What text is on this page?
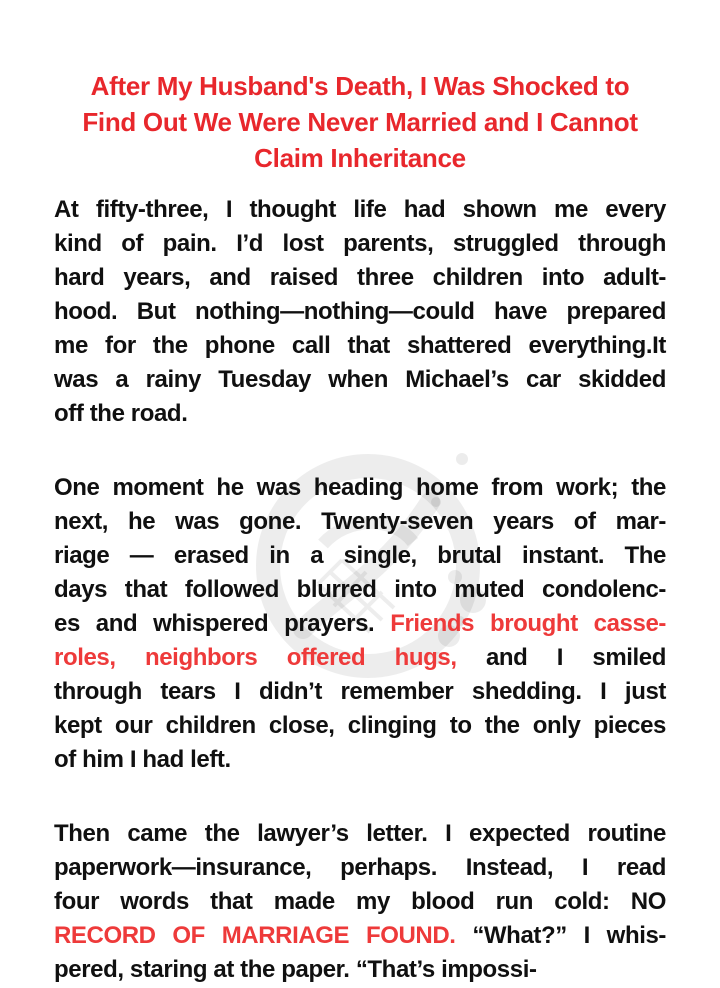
After My Husband's Death, I Was Shocked to
Find Out We Were Never Married and I Cannot
Claim Inheritance
At fifty-three, I thought life had shown me every
kind of pain. I’d lost parents, struggled through
hard years, and raised three children into adult-
hood. But nothing—nothing—could have prepared
me for the phone call that shattered everything.It
was a rainy Tuesday when Michael’s car skidded
off the road.
One moment he was heading home from work; the
next, he was gone. Twenty-seven years of mar-
riage — erased in a single, brutal instant. The
days that followed blurred into muted condolenc-
es and whispered prayers. Friends brought casse-
roles, neighbors offered hugs, and I smiled
through tears I didn’t remember shedding. I just
kept our children close, clinging to the only pieces
of him I had left.
Then came the lawyer’s letter. I expected routine
paperwork—insurance, perhaps. Instead, I read
four words that made my blood run cold: NO
RECORD OF MARRIAGE FOUND. “What?” I whis-
pered, staring at the paper. “That’s impossi-
